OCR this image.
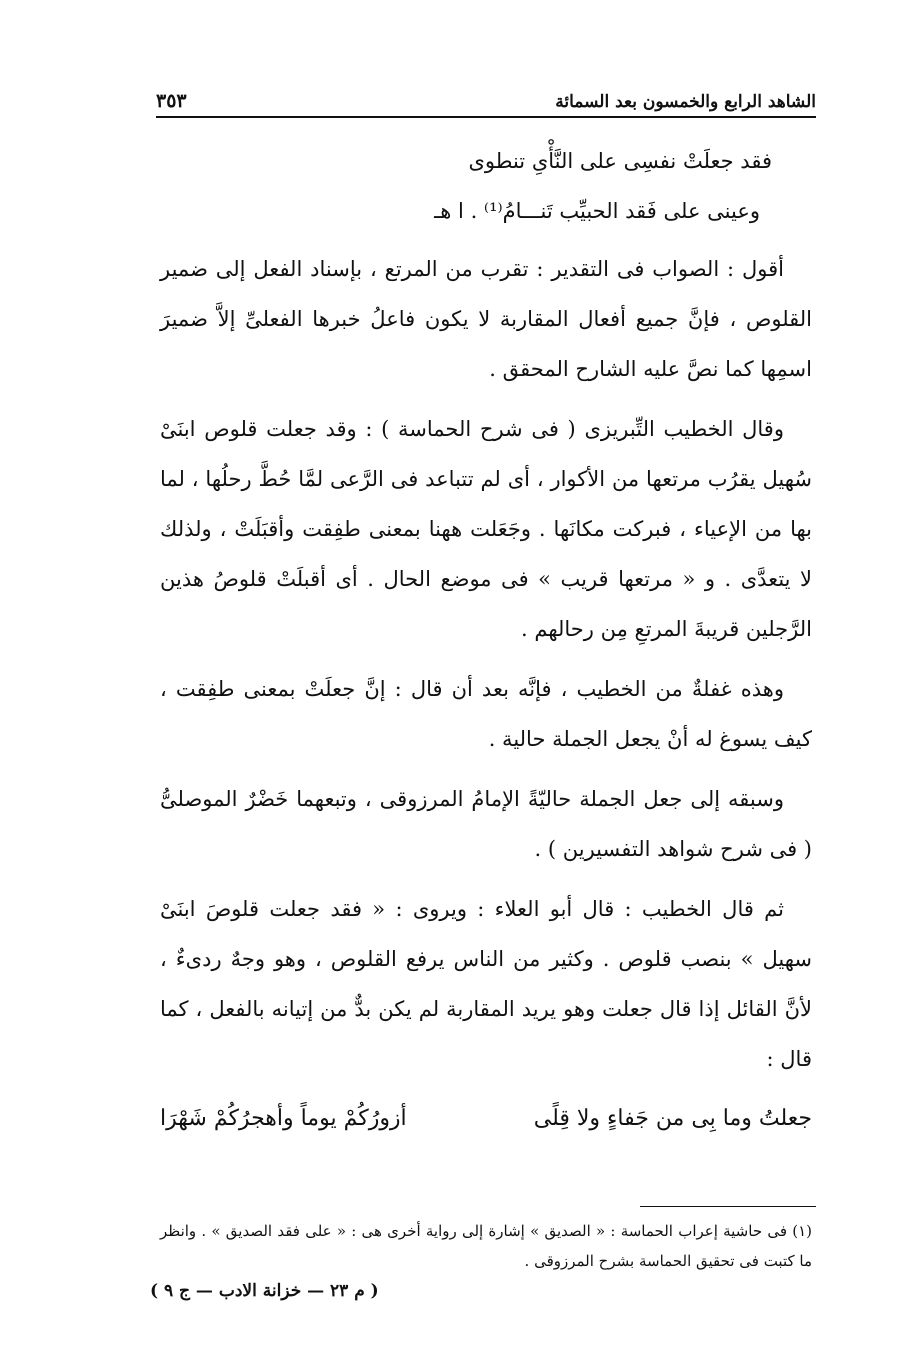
الشاهد الرابع والخمسون بعد السمائة
٣٥٣

فقد جعلَتْ نفسِى على النَّأْىِ تنطوى

وعينى على فَقد الحبيِّب تَنـــامُ⁽¹⁾ . ا هـ

أقول : الصواب فى التقدير : تقرب من المرتع ، بإسناد الفعل إلى ضمير القلوص ، فإنَّ جميع أفعال المقاربة لا يكون فاعلُ خبرها الفعلىِّ إلاَّ ضميرَ اسمِها كما نصَّ عليه الشارح المحقق .

وقال الخطيب التِّبريزى ( فى شرح الحماسة ) : وقد جعلت قلوص ابنَىْ سُهيل يقرُب مرتعها من الأكوار ، أى لم تتباعد فى الرَّعى لمَّا حُطَّ رحلُها ، لما بها من الإعياء ، فبركت مكانَها . وجَعَلت ههنا بمعنى طفِقت وأقبَلَتْ ، ولذلك لا يتعدَّى . و « مرتعها قريب » فى موضع الحال . أى أقبلَتْ قلوصُ هذين الرَّجلين قريبةَ المرتعِ مِن رحالهم .

وهذه غفلةٌ من الخطيب ، فإنَّه بعد أن قال : إنَّ جعلَتْ بمعنى طفِقت ، كيف يسوغ له أنْ يجعل الجملة حالية .

وسبقه إلى جعل الجملة حاليّةً الإمامُ المرزوقى ، وتبعهما خَضْرٌ الموصلىُّ ( فى شرح شواهد التفسيرين ) .

ثم قال الخطيب : قال أبو العلاء : ويروى : « فقد جعلت قلوصَ ابنَىْ سهيل » بنصب قلوص . وكثير من الناس يرفع القلوص ، وهو وجهٌ ردىءٌ ، لأنَّ القائل إذا قال جعلت وهو يريد المقاربة لم يكن بدٌّ من إتيانه بالفعل ، كما قال :

جعلتُ وما بِى من جَفاءٍ ولا قِلًى
أزورُكُمْ يوماً وأهجرُكُمْ شَهْرَا

(١) فى حاشية إعراب الحماسة : « الصديق » إشارة إلى رواية أخرى هى : « على فقد الصديق » . وانظر ما كتبت فى تحقيق الحماسة بشرح المرزوقى .

( م ٢٣ — خزانة الادب — ج ٩ )
